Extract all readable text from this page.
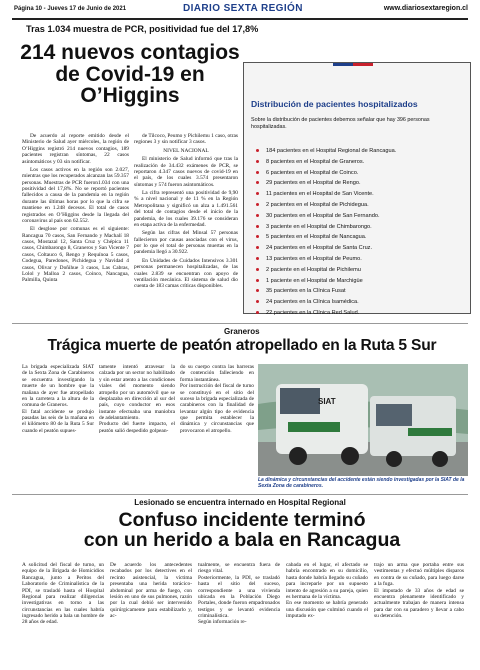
Página 10 - Jueves 17 de Junio de 2021	DIARIO SEXTA REGIÓN	www.diariosextaregion.cl
Tras 1.034 muestra de PCR, positividad fue del 17,8%
214 nuevos contagios
de Covid-19 en
O’Higgins

De acuerdo al reporte emitido desde el Ministerio de Salud ayer miércoles, la región de O’Higgins registró 214 nuevos contagios, 189 pacientes registran síntomas, 22 casos asintomáticos y 03 sin notificar.

Los casos activos en la región son 2.027, mientras que los recuperados alcanzan las 59.357 personas. Muestras de PCR fueron1.034 con una positividad del 17,8%. No se reportó pacientes fallecidos a causa de la pandemia en la región durante las últimas horas por lo que la cifra se mantiene en 1.248 decesos. El total de casos registrados en O’Higgins desde la llegada del coronavirus al país son 62.552.

El desglose por comunas es el siguiente: Rancagua 70 casos, San Fernando y Machalí 18 casos, Mostazal 12, Santa Cruz y Chépica 11 casos, Chimbarongo 8, Graneros y San Vicente 7 casos, Coltauco 6, Rengo y Requínoa 5 casos, Codegua, Paredones, Pichidegua y Navidad 4 casos, Olivar y Doñihue 3 casos, Las Cabras, Lolol y Malloa 2 casos, Coinco, Nancagua, Palmilla, Quinta

de Tilcoco, Peumo y Pichilemu 1 caso, otras regiones 3 y sin notificar 3 casos.

NIVEL NACIONAL

El ministerio de Salud informó que tras la realización de 34.432 exámenes de PCR, se reportaron 4.347 casos nuevos de covid-19 en el país, de los cuales 3.574 presentaron síntomas y 574 fueron asintomáticos.

La cifra representó una positividad de 9,90 % a nivel nacional y de 11 % en la Región Metropolitana y significó un alza a 1.491.561 del total de contagios desde el inicio de la pandemia, de los cuales 39.176 se consideran en etapa activa de la enfermedad.

Según las cifras del Minsal 57 personas fallecieron por causas asociadas con el virus, por lo que el total de personas muertas en la pandemia llegó a 30.922.

En Unidades de Cuidados Intensivos 3.301 personas permanecen hospitalizadas, de las cuales 2.839 se encuentran con apoyo de ventilación mecánica. El sistema de salud dio cuenta de 183 camas críticas disponibles.

Distribución de pacientes hospitalizados
Sobre la distribución de pacientes debemos señalar que hay 396 personas hospitalizadas.
184 pacientes en el Hospital Regional de Rancagua.
8 pacientes en el Hospital de Graneros.
6 pacientes en el Hospital de Coinco.
29 pacientes en el Hospital de Rengo.
11 pacientes en el Hospital de San Vicente.
2 pacientes en el Hospital de Pichidegua.
30 pacientes en el Hospital de San Fernando.
3 paciente en el Hospital de Chimbarongo.
5 pacientes en el Hospital de Nancagua.
24 pacientes en el Hospital de Santa Cruz.
13 pacientes en el Hospital de Peumo.
2 paciente en el Hospital de Pichilemu
1 paciente en el Hospital de Marchigüe
35 pacientes en la Clínica Fusat
24 pacientes en la Clínica Isamédica.
22 pacientes en la Clínica Red Salud.
Graneros
Trágica muerte de peatón atropellado en la Ruta 5 Sur
La brigada especializada SIAT de la Sexta Zona de Carabineros se encuentra investigando la muerte de un hombre que la mañana de ayer fue atropellado en la carretera a la altura de la comuna de Graneros.
El fatal accidente se produjo pasadas las seis de la mañana en el kilómetro 80 de la Ruta 5 Sur cuando el peatón supues-
tamente intentó atravesar la calzada por un sector no habilitado y sin estar atento a las condiciones viales del momento siendo atropello por un automóvil que se desplazaba en dirección al sur del país, cuyo conductor en esos instante efectuaba una maniobra de adelantamiento.
Producto del fuerte impacto, el peatón salió despedido golpean-
do su cuerpo contra las barreras de contención falleciendo en forma instantánea.
Por instrucción del fiscal de turno se constituyó en el sitio del suceso la brigada especializada de carabineros con la finalidad de levantar algún tipo de evidencia que permita establecer la dinámica y circunstancias que provocaron el atropello.
SIAT
La dinámica y circunstancias del accidente están siendo investigadas por la SIAT de la Sexta Zona de carabineros.
Lesionado se encuentra internado en Hospital Regional
Confuso incidente terminó
con un herido a bala en Rancagua
A solicitud del fiscal de turno, un equipo de la Brigada de Homicidios Rancagua, junto a Peritos del Laboratorio de Criminalística de la PDI, se trasladó hasta el Hospital Regional para realizar diligencias investigativas en torno a las circunstancias en las cuales habría ingresado herido a bala un hombre de 28 años de edad.
De acuerdo los antecedentes recabados por los detectives en el recinto asistencial, la víctima presentaba una herida torácico-abdominal por arma de fuego, con lesión en uno de sus pulmones, razón por la cual debió ser intervenido quirúrgicamente para estabilizarlo y, ac-
tualmente, se encuentra fuera de riesgo vital.
Posteriormente, la PDI, se trasladó hasta el sitio del suceso, correspondiente a una vivienda ubicada en la Población Diego Portales, donde fueron empadronados testigos y se levantó evidencia criminalística.
Según información re-
cabada en el lugar, el afectado se habría encontrado en su domicilio, hasta donde habría llegado su cuñado para increparle por un supuesto intento de agresión a su pareja, quien es hermana de la víctima.
En ese momento se habría generado una discusión que culminó cuando el imputado ex-
trajo un arma que portaba entre sus vestimentas y efectuó múltiples disparos en contra de su cuñado, para luego darse a la fuga.
El imputado de 33 años de edad se encuentra plenamente identificado y actualmente trabajan de manera intensa para dar con su paradero y llevar a cabo su detención.
